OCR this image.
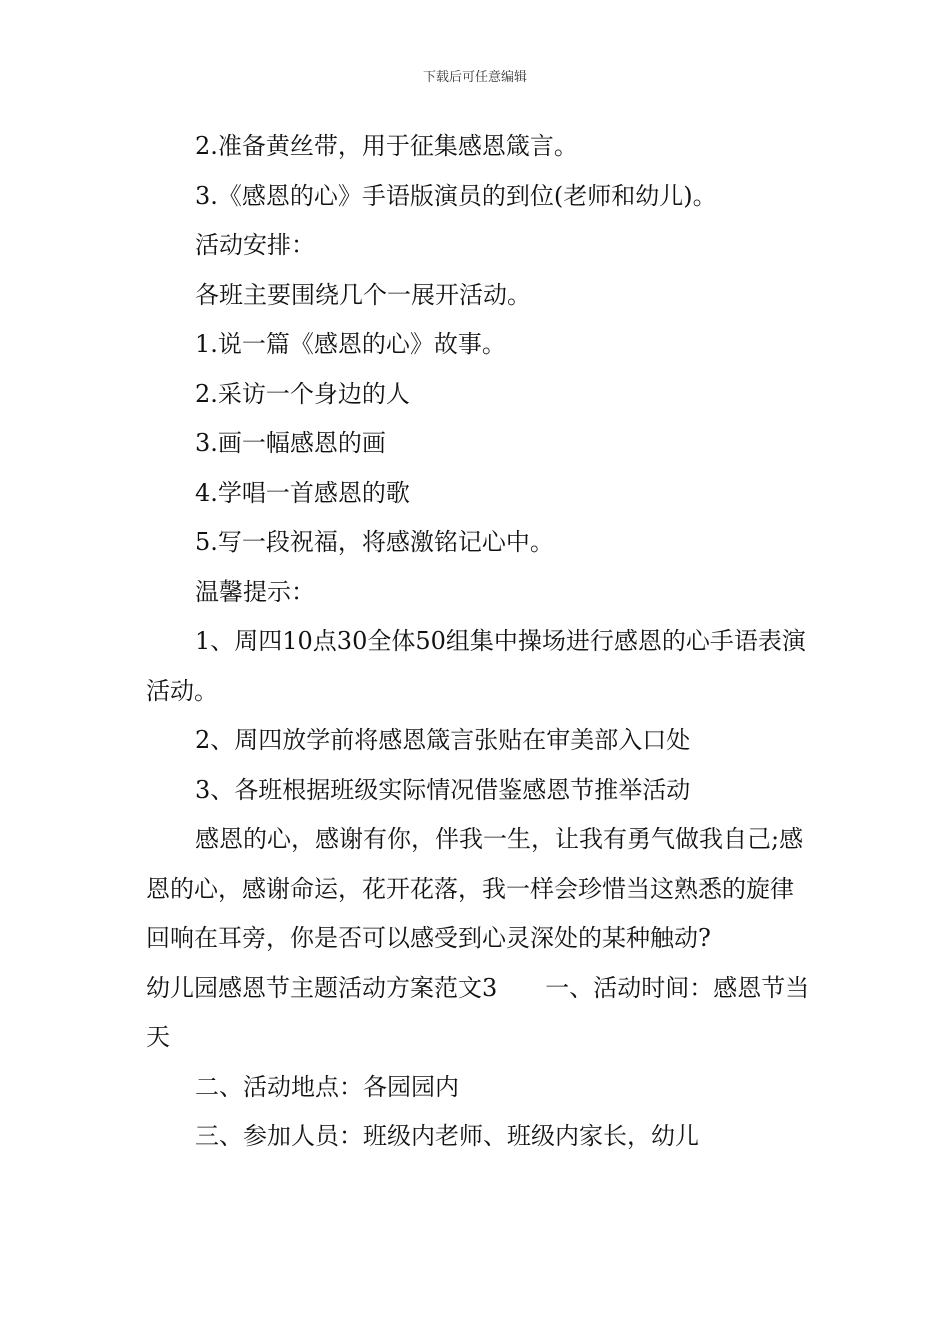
下载后可任意编辑

2.准备黄丝带，用于征集感恩箴言。

3.《感恩的心》手语版演员的到位(老师和幼儿)。

活动安排：

各班主要围绕几个一展开活动。

1.说一篇《感恩的心》故事。

2.采访一个身边的人

3.画一幅感恩的画

4.学唱一首感恩的歌

5.写一段祝福，将感激铭记心中。

温馨提示：

1、周四10点30全体50组集中操场进行感恩的心手语表演活动。

2、周四放学前将感恩箴言张贴在审美部入口处

3、各班根据班级实际情况借鉴感恩节推举活动

感恩的心，感谢有你，伴我一生，让我有勇气做我自己;感恩的心，感谢命运，花开花落，我一样会珍惜当这熟悉的旋律回响在耳旁，你是否可以感受到心灵深处的某种触动?

幼儿园感恩节主题活动方案范文3　　一、活动时间：感恩节当天

二、活动地点：各园园内

三、参加人员：班级内老师、班级内家长，幼儿
